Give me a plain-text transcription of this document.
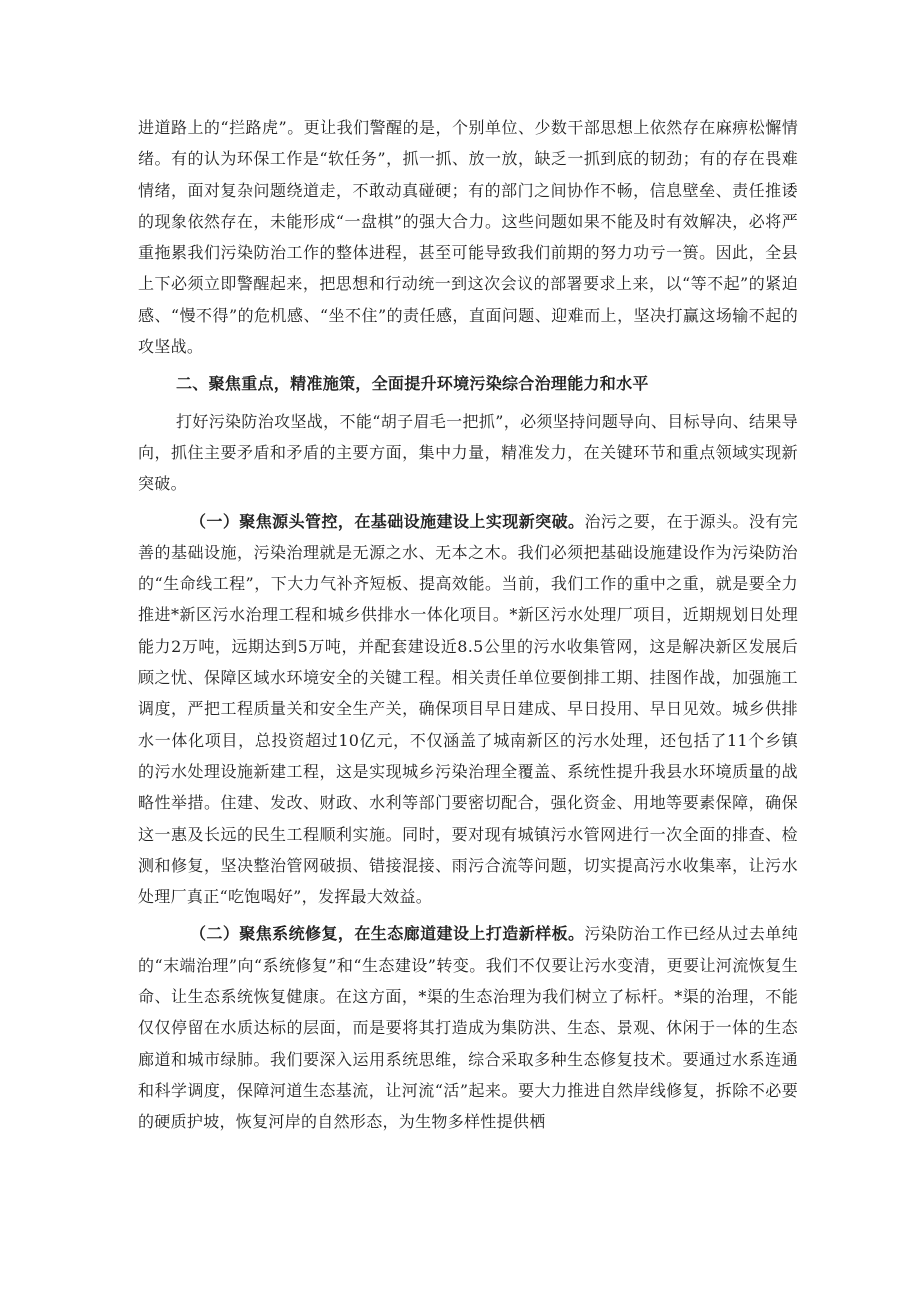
进道路上的“拦路虎”。更让我们警醒的是，个别单位、少数干部思想上依然存在麻痹松懈情绪。有的认为环保工作是“软任务”，抓一抓、放一放，缺乏一抓到底的韧劲；有的存在畏难情绪，面对复杂问题绕道走，不敢动真碰硬；有的部门之间协作不畅，信息壁垒、责任推诿的现象依然存在，未能形成“一盘棋”的强大合力。这些问题如果不能及时有效解决，必将严重拖累我们污染防治工作的整体进程，甚至可能导致我们前期的努力功亏一篑。因此，全县上下必须立即警醒起来，把思想和行动统一到这次会议的部署要求上来，以“等不起”的紧迫感、“慢不得”的危机感、“坐不住”的责任感，直面问题、迎难而上，坚决打赢这场输不起的攻坚战。

二、聚焦重点，精准施策，全面提升环境污染综合治理能力和水平

打好污染防治攻坚战，不能“胡子眉毛一把抓”，必须坚持问题导向、目标导向、结果导向，抓住主要矛盾和矛盾的主要方面，集中力量，精准发力，在关键环节和重点领域实现新突破。

（一）聚焦源头管控，在基础设施建设上实现新突破。治污之要，在于源头。没有完善的基础设施，污染治理就是无源之水、无本之木。我们必须把基础设施建设作为污染防治的“生命线工程”，下大力气补齐短板、提高效能。当前，我们工作的重中之重，就是要全力推进*新区污水治理工程和城乡供排水一体化项目。*新区污水处理厂项目，近期规划日处理能力2万吨，远期达到5万吨，并配套建设近8.5公里的污水收集管网，这是解决新区发展后顾之忧、保障区域水环境安全的关键工程。相关责任单位要倒排工期、挂图作战，加强施工调度，严把工程质量关和安全生产关，确保项目早日建成、早日投用、早日见效。城乡供排水一体化项目，总投资超过10亿元，不仅涵盖了城南新区的污水处理，还包括了11个乡镇的污水处理设施新建工程，这是实现城乡污染治理全覆盖、系统性提升我县水环境质量的战略性举措。住建、发改、财政、水利等部门要密切配合，强化资金、用地等要素保障，确保这一惠及长远的民生工程顺利实施。同时，要对现有城镇污水管网进行一次全面的排查、检测和修复，坚决整治管网破损、错接混接、雨污合流等问题，切实提高污水收集率，让污水处理厂真正“吃饱喝好”，发挥最大效益。

（二）聚焦系统修复，在生态廊道建设上打造新样板。污染防治工作已经从过去单纯的“末端治理”向“系统修复”和“生态建设”转变。我们不仅要让污水变清，更要让河流恢复生命、让生态系统恢复健康。在这方面，*渠的生态治理为我们树立了标杆。*渠的治理，不能仅仅停留在水质达标的层面，而是要将其打造成为集防洪、生态、景观、休闲于一体的生态廊道和城市绿肺。我们要深入运用系统思维，综合采取多种生态修复技术。要通过水系连通和科学调度，保障河道生态基流，让河流“活”起来。要大力推进自然岸线修复，拆除不必要的硬质护坡，恢复河岸的自然形态，为生物多样性提供栖
